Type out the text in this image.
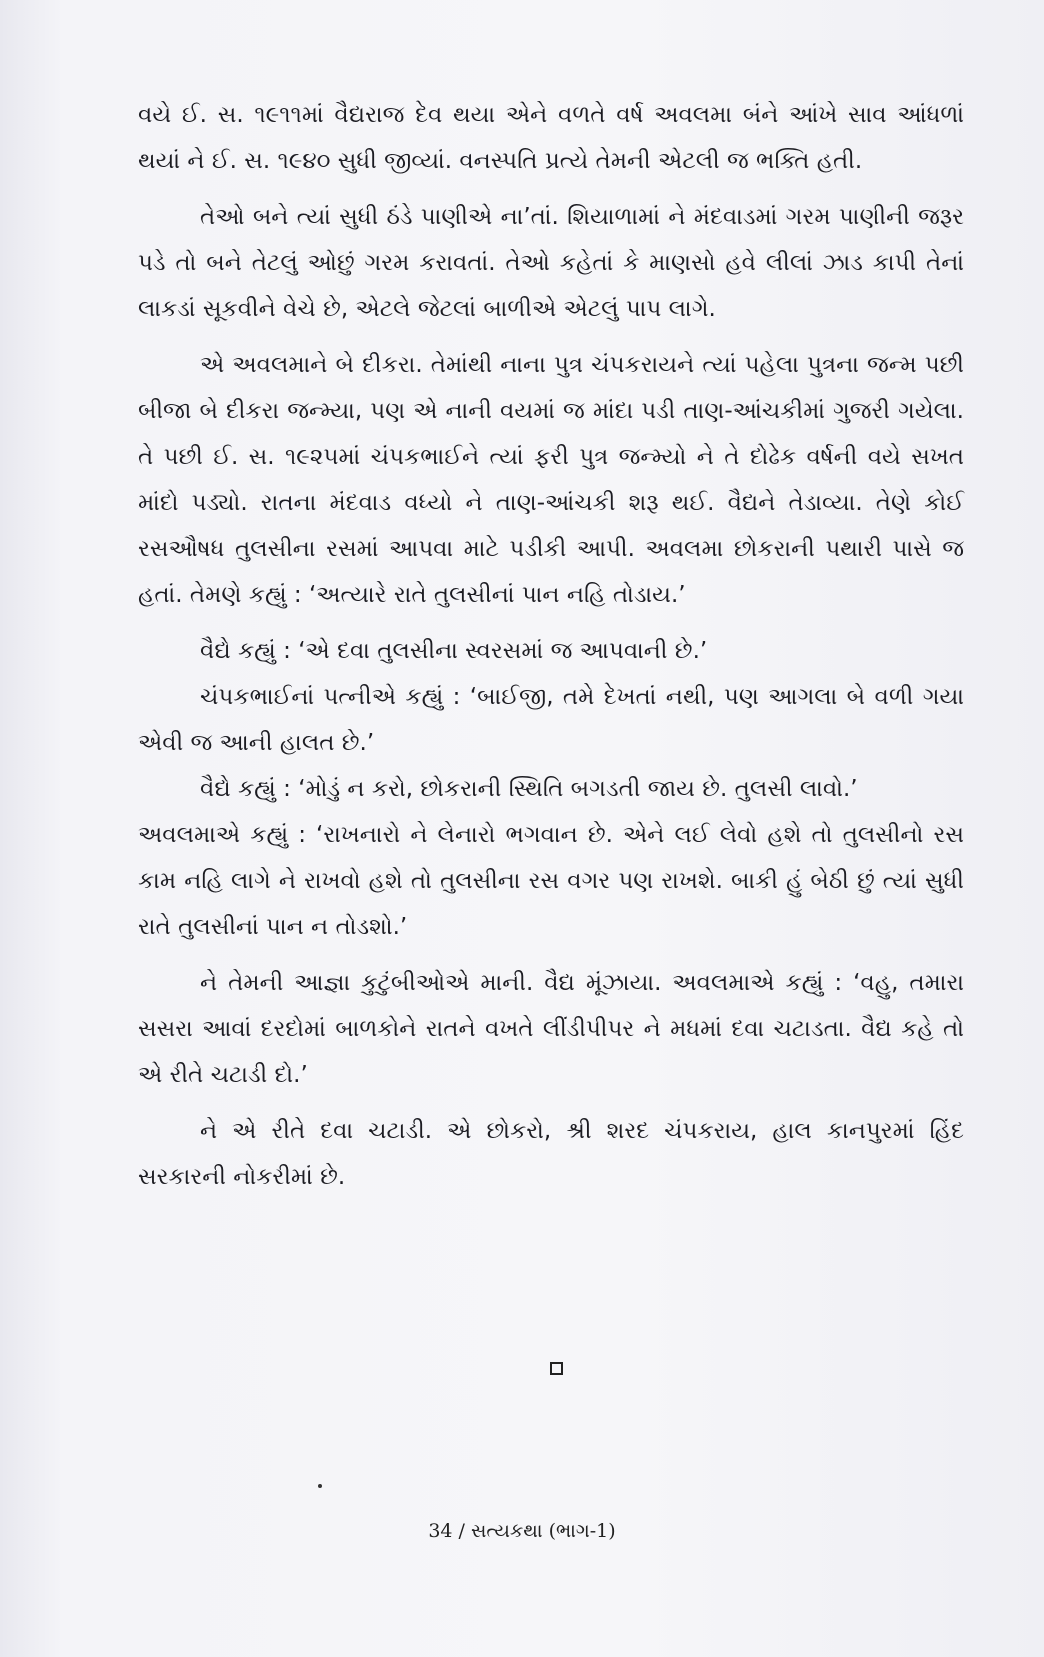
વયે ઈ. સ. ૧૯૧૧માં વૈદ્યરાજ દેવ થયા એને વળતે વર્ષ અવલમા બંને આંખે સાવ આંધળાં થયાં ને ઈ. સ. ૧૯૪૦ સુધી જીવ્યાં. વનસ્પતિ પ્રત્યે તેમની એટલી જ ભક્તિ હતી.

તેઓ બને ત્યાં સુધી ઠંડે પાણીએ ના’તાં. શિયાળામાં ને મંદવાડમાં ગરમ પાણીની જરૂર પડે તો બને તેટલું ઓછું ગરમ કરાવતાં. તેઓ કહેતાં કે માણસો હવે લીલાં ઝાડ કાપી તેનાં લાકડાં સૂકવીને વેચે છે, એટલે જેટલાં બાળીએ એટલું પાપ લાગે.

એ અવલમાને બે દીકરા. તેમાંથી નાના પુત્ર ચંપકરાયને ત્યાં પહેલા પુત્રના જન્મ પછી બીજા બે દીકરા જન્મ્યા, પણ એ નાની વયમાં જ માંદા પડી તાણ-આંચકીમાં ગુજરી ગયેલા. તે પછી ઈ. સ. ૧૯૨૫માં ચંપકભાઈને ત્યાં ફરી પુત્ર જન્મ્યો ને તે દોઢેક વર્ષની વયે સખત માંદો પડ્યો. રાતના મંદવાડ વધ્યો ને તાણ-આંચકી શરૂ થઈ. વૈદ્યને તેડાવ્યા. તેણે કોઈ રસઔષધ તુલસીના રસમાં આપવા માટે પડીકી આપી. અવલમા છોકરાની પથારી પાસે જ હતાં. તેમણે કહ્યું : ‘અત્યારે રાતે તુલસીનાં પાન નહિ તોડાય.’

વૈદ્યે કહ્યું : ‘એ દવા તુલસીના સ્વરસમાં જ આપવાની છે.’

ચંપકભાઈનાં પત્નીએ કહ્યું : ‘બાઈજી, તમે દેખતાં નથી, પણ આગલા બે વળી ગયા એવી જ આની હાલત છે.’

વૈદ્યે કહ્યું : ‘મોડું ન કરો, છોકરાની સ્થિતિ બગડતી જાય છે. તુલસી લાવો.’

અવલમાએ કહ્યું : ‘રાખનારો ને લેનારો ભગવાન છે. એને લઈ લેવો હશે તો તુલસીનો રસ કામ નહિ લાગે ને રાખવો હશે તો તુલસીના રસ વગર પણ રાખશે. બાકી હું બેઠી છું ત્યાં સુધી રાતે તુલસીનાં પાન ન તોડશો.’

ને તેમની આજ્ઞા કુટુંબીઓએ માની. વૈદ્ય મૂંઝાયા. અવલમાએ કહ્યું : ‘વહુ, તમારા સસરા આવાં દરદોમાં બાળકોને રાતને વખતે લીંડીપીપર ને મધમાં દવા ચટાડતા. વૈદ્ય કહે તો એ રીતે ચટાડી દો.’

ને એ રીતે દવા ચટાડી. એ છોકરો, શ્રી શરદ ચંપકરાય, હાલ કાનપુરમાં હિંદ સરકારની નોકરીમાં છે.

34 / સત્યકથા (ભાગ-1)
